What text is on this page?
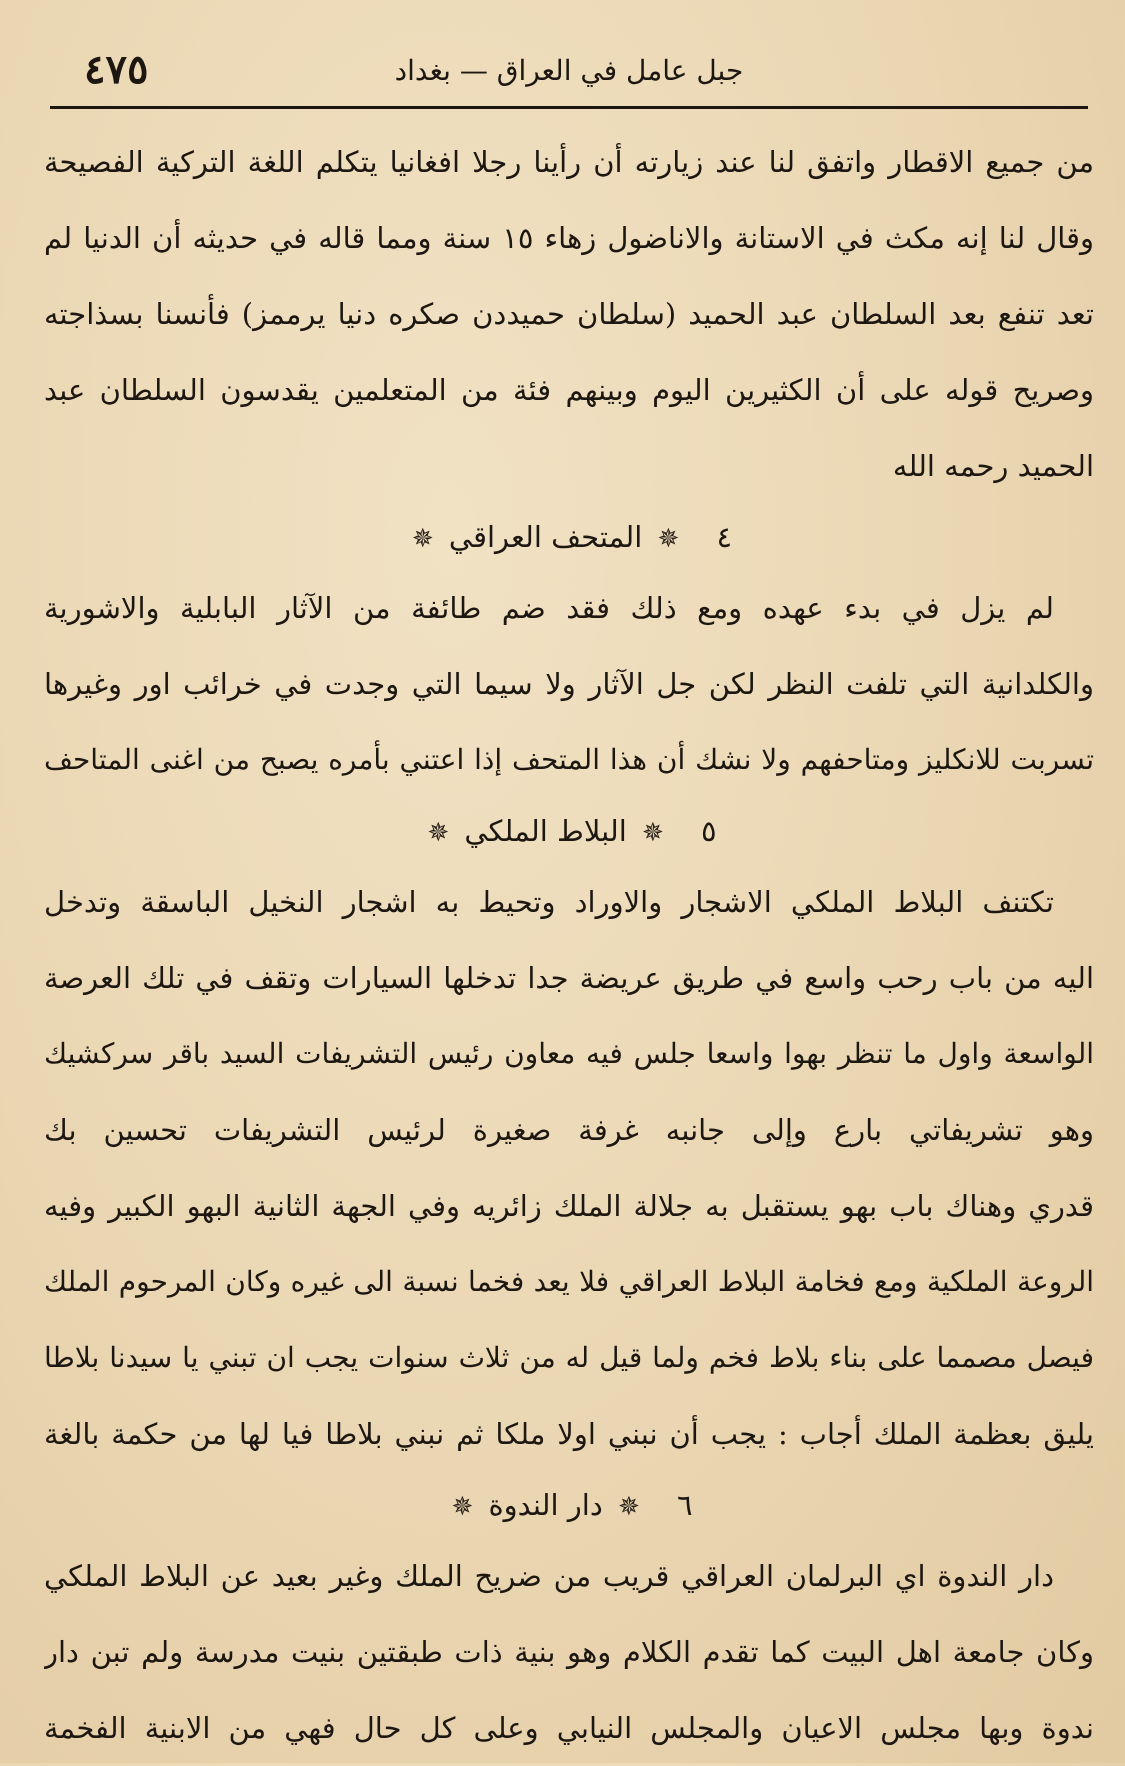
٤٧٥	جبل عامل في العراق — بغداد
من جميع الاقطار واتفق لنا عند زيارته أن رأينا رجلا افغانيا يتكلم اللغة التركية الفصيحة
وقال لنا إنه مكث في الاستانة والاناضول زهاء ١٥ سنة ومما قاله في حديثه أن الدنيا لم
تعد تنفع بعد السلطان عبد الحميد (سلطان حميددن صكره دنيا يرممز) فأنسنا بسذاجته
وصريح قوله على أن الكثيرين اليوم وبينهم فئة من المتعلمين يقدسون السلطان عبد
الحميد رحمه الله
٤ ✵ المتحف العراقي ✵
لم يزل في بدء عهده ومع ذلك فقد ضم طائفة من الآثار البابلية والاشورية
والكلدانية التي تلفت النظر لكن جل الآثار ولا سيما التي وجدت في خرائب اور وغيرها
تسربت للانكليز ومتاحفهم ولا نشك أن هذا المتحف إذا اعتني بأمره يصبح من اغنى المتاحف
٥ ✵ البلاط الملكي ✵
تكتنف البلاط الملكي الاشجار والاوراد وتحيط به اشجار النخيل الباسقة وتدخل
اليه من باب رحب واسع في طريق عريضة جدا تدخلها السيارات وتقف في تلك العرصة
الواسعة واول ما تنظر بهوا واسعا جلس فيه معاون رئيس التشريفات السيد باقر سركشيك
وهو تشريفاتي بارع وإلى جانبه غرفة صغيرة لرئيس التشريفات تحسين بك
قدري وهناك باب بهو يستقبل به جلالة الملك زائريه وفي الجهة الثانية البهو الكبير وفيه
الروعة الملكية ومع فخامة البلاط العراقي فلا يعد فخما نسبة الى غيره وكان المرحوم الملك
فيصل مصمما على بناء بلاط فخم ولما قيل له من ثلاث سنوات يجب ان تبني يا سيدنا بلاطا
يليق بعظمة الملك أجاب : يجب أن نبني اولا ملكا ثم نبني بلاطا فيا لها من حكمة بالغة
٦ ✵ دار الندوة ✵
دار الندوة اي البرلمان العراقي قريب من ضريح الملك وغير بعيد عن البلاط الملكي
وكان جامعة اهل البيت كما تقدم الكلام وهو بنية ذات طبقتين بنيت مدرسة ولم تبن دار
ندوة وبها مجلس الاعيان والمجلس النيابي وعلى كل حال فهي من الابنية الفخمة
